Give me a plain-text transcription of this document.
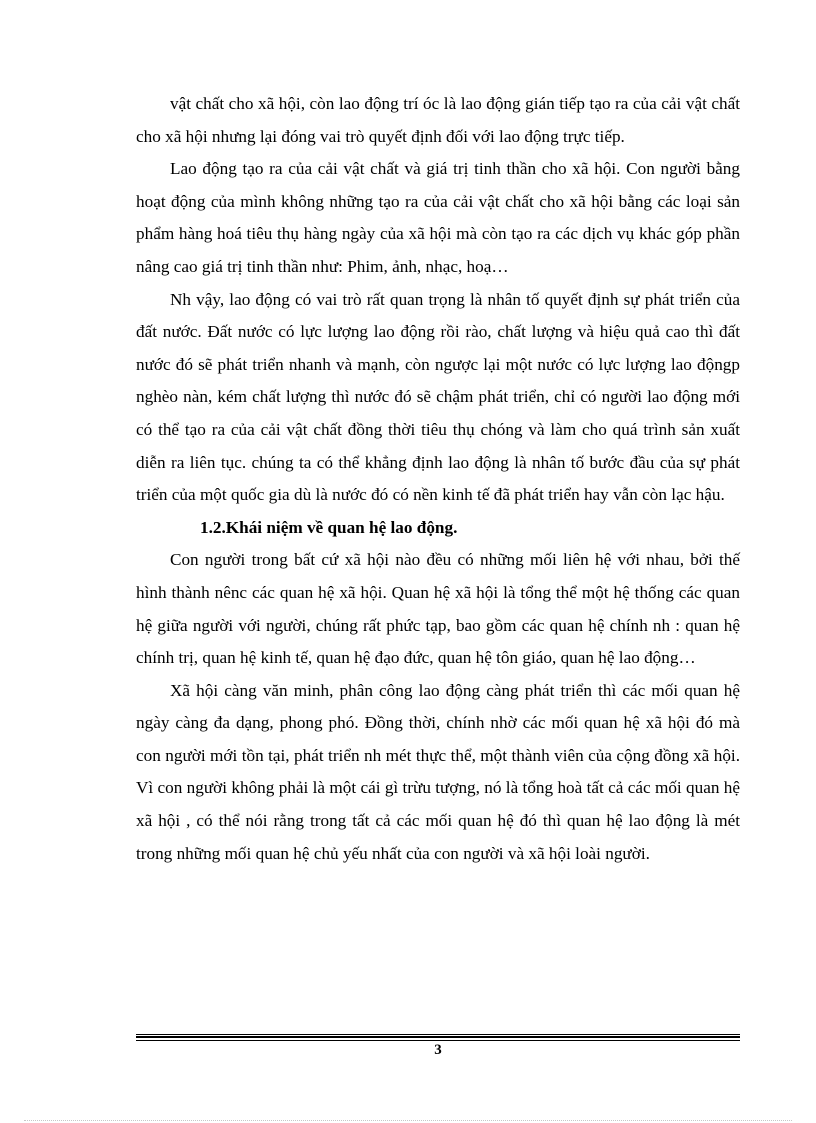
vật chất cho xã hội, còn lao động trí óc là lao động gián tiếp tạo ra của cải vật chất cho xã hội nhưng lại đóng vai trò quyết định đối với lao động trực tiếp.

Lao động tạo ra của cải vật chất và giá trị tinh thần cho xã hội. Con người bằng hoạt động của mình không những tạo ra của cải vật chất cho xã hội bằng các loại sản phẩm hàng hoá tiêu thụ hàng ngày của xã hội mà còn tạo ra các dịch vụ khác góp phần nâng cao giá trị tinh thần như: Phim, ảnh, nhạc, hoạ…

Nh vậy, lao động có vai trò rất quan trọng là nhân tố quyết định sự phát triển của đất nước. Đất nước có lực lượng lao động rồi rào, chất lượng và hiệu quả cao thì đất nước đó sẽ phát triển nhanh và mạnh, còn ngược lại một nước có lực lượng lao độngp nghèo nàn, kém chất lượng thì nước đó sẽ chậm phát triển, chỉ có người lao động mới có thể tạo ra của cải vật chất đồng thời tiêu thụ chóng và làm cho quá trình sản xuất diễn ra liên tục. chúng ta có thể khẳng định lao động là nhân tố bước đầu của sự phát triển của một quốc gia dù là nước đó có nền kinh tế đã phát triển hay vẫn còn lạc hậu.

1.2.Khái niệm về quan hệ lao động.

Con người trong bất cứ xã hội nào đều có những mối liên hệ với nhau, bởi thế hình thành nênc các quan hệ xã hội. Quan hệ xã hội là tổng thể một hệ thống các quan hệ giữa người với người, chúng rất phức tạp, bao gồm các quan hệ chính nh : quan hệ chính trị, quan hệ kinh tế, quan hệ đạo đức, quan hệ tôn giáo, quan hệ lao động…

Xã hội càng văn minh, phân công lao động càng phát triển thì các mối quan hệ ngày càng đa dạng, phong phó. Đồng thời, chính nhờ các mối quan hệ xã hội đó mà con người mới tồn tại, phát triển nh mét thực thể, một thành viên của cộng đồng xã hội. Vì con người không phải là một cái gì trừu tượng, nó là tổng hoà tất cả các mối quan hệ xã hội , có thể nói rằng trong tất cả các mối quan hệ đó thì quan hệ lao động là mét trong những mối quan hệ chủ yếu nhất của con người và xã hội loài người.

3
